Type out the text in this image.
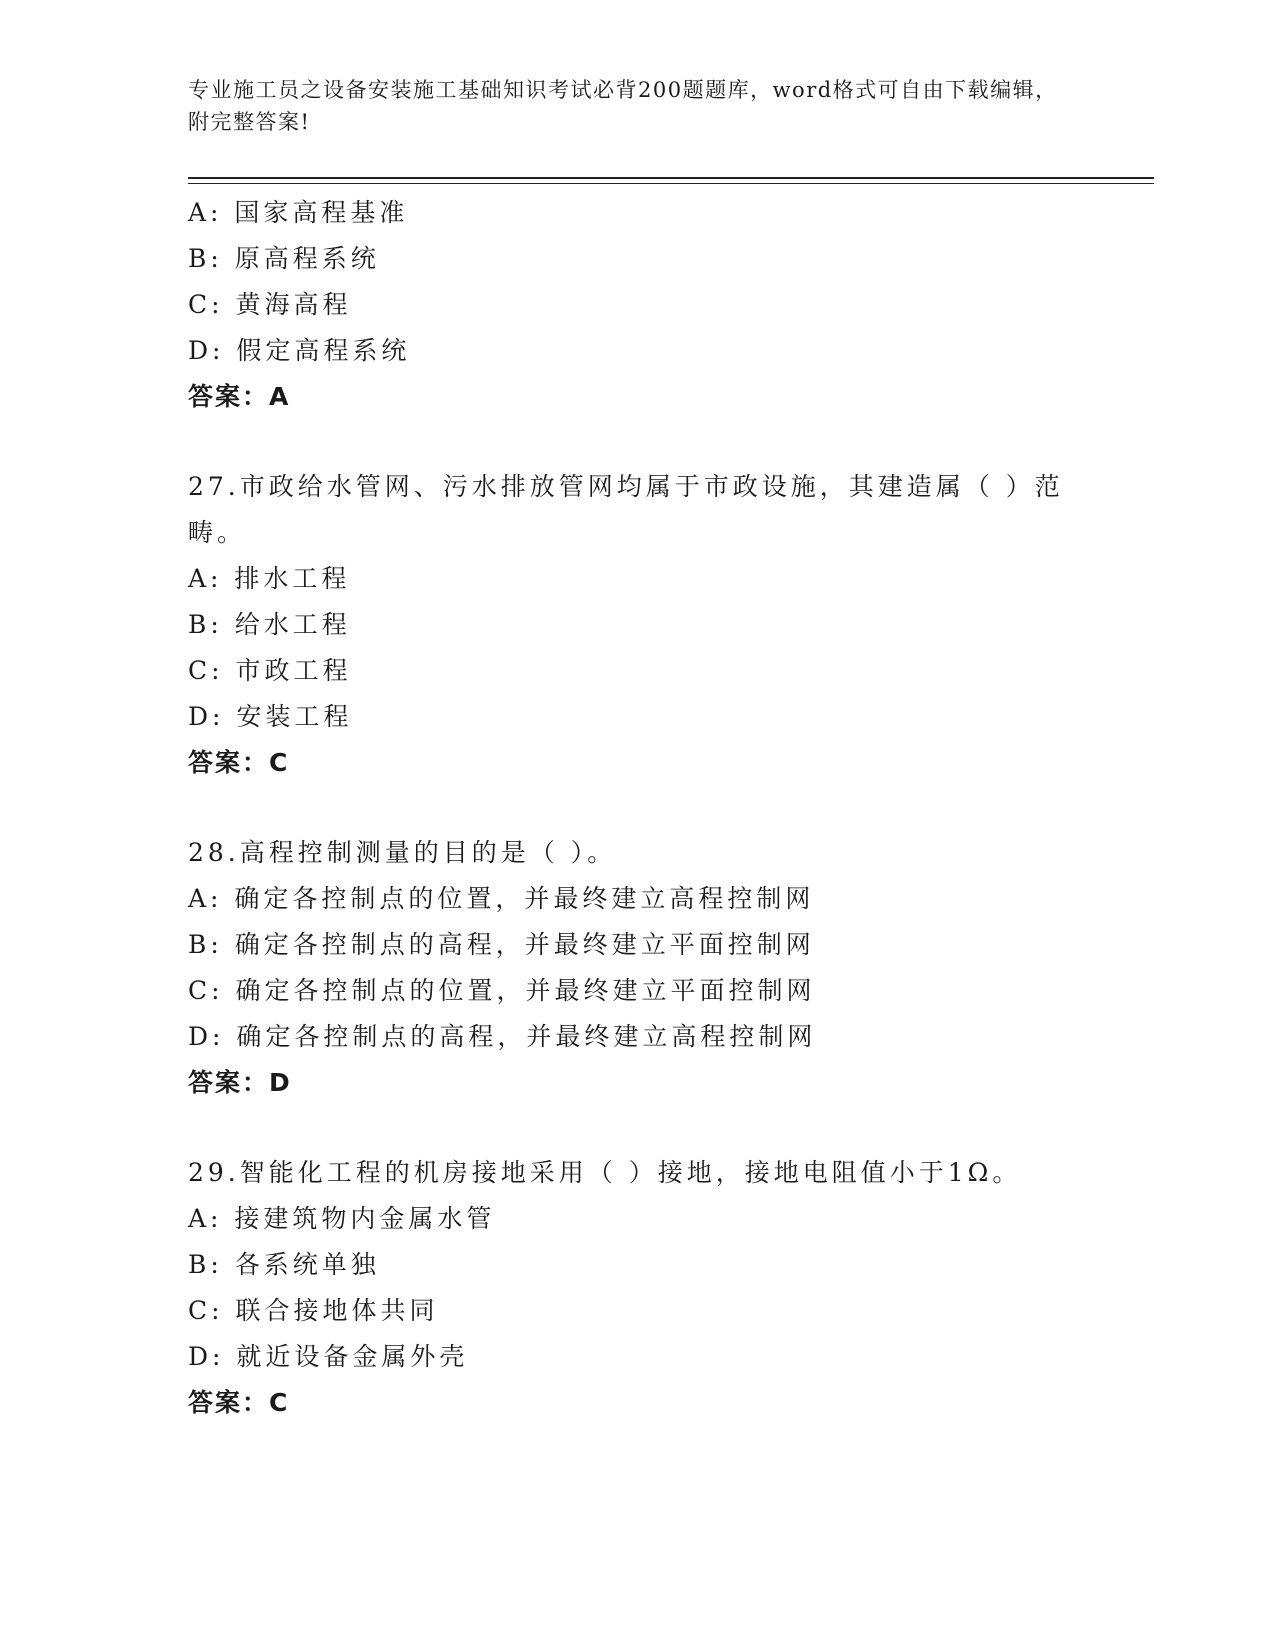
专业施工员之设备安装施工基础知识考试必背200题题库，word格式可自由下载编辑，附完整答案!
A: 国家高程基准
B: 原高程系统
C: 黄海高程
D: 假定高程系统
答案：A
27.市政给水管网、污水排放管网均属于市政设施，其建造属（ ）范畴。
A: 排水工程
B: 给水工程
C: 市政工程
D: 安装工程
答案：C
28.高程控制测量的目的是（ ）。
A: 确定各控制点的位置，并最终建立高程控制网
B: 确定各控制点的高程，并最终建立平面控制网
C: 确定各控制点的位置，并最终建立平面控制网
D: 确定各控制点的高程，并最终建立高程控制网
答案：D
29.智能化工程的机房接地采用（ ）接地，接地电阻值小于1Ω。
A: 接建筑物内金属水管
B: 各系统单独
C: 联合接地体共同
D: 就近设备金属外壳
答案：C
